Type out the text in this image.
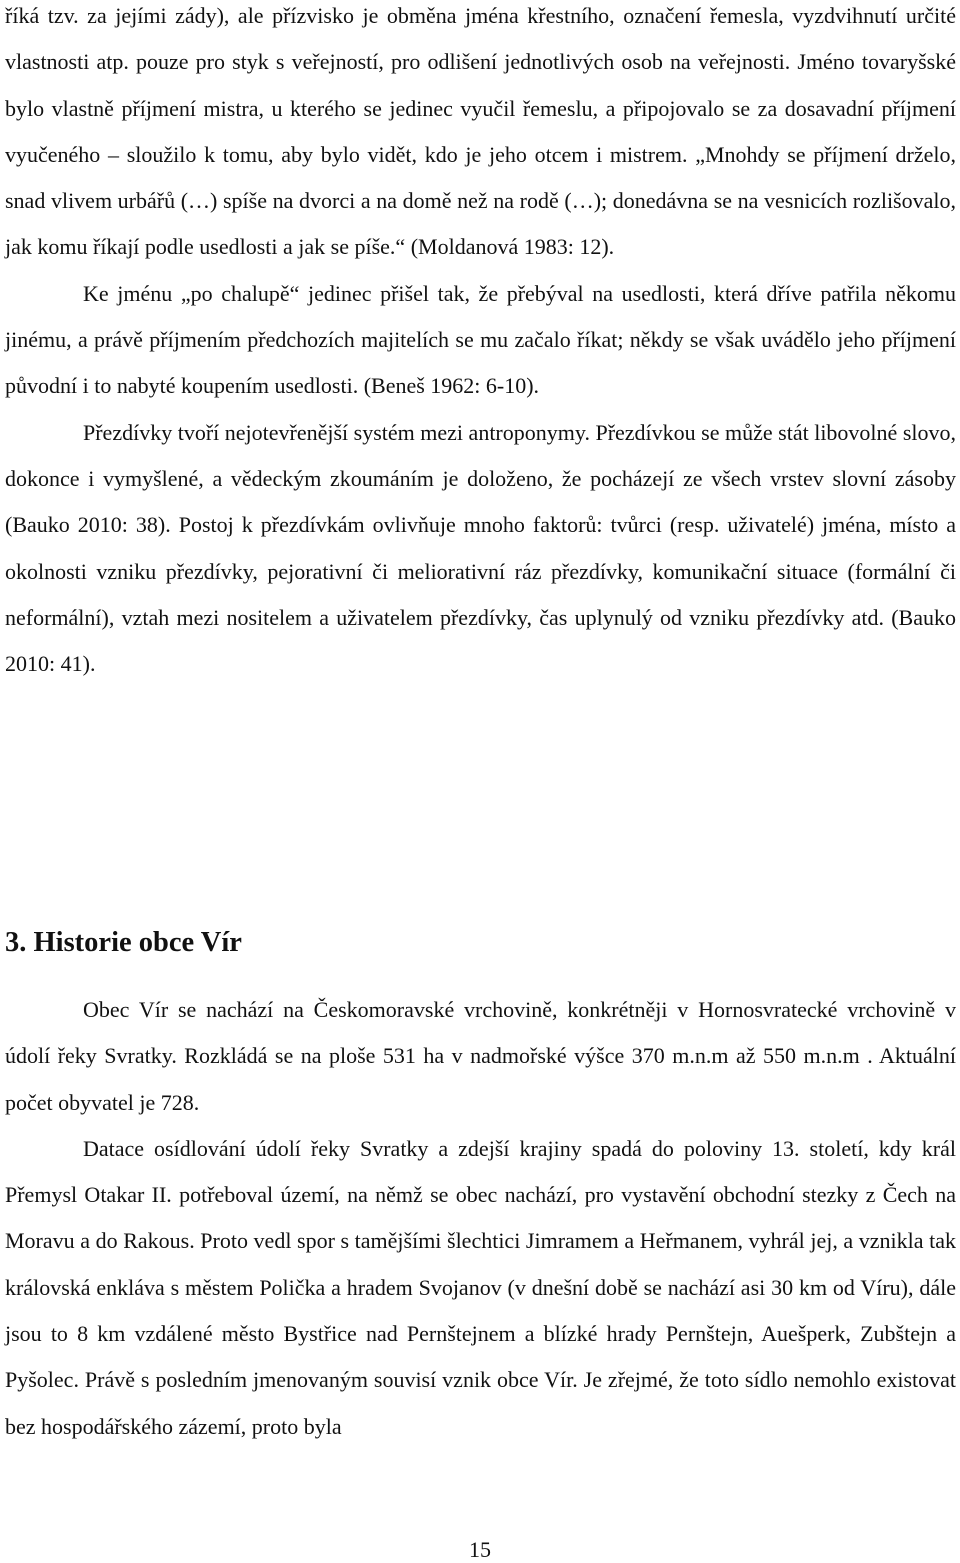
říká tzv. za jejími zády), ale přízvisko je obměna jména křestního, označení řemesla, vyzdvihnutí určité vlastnosti atp. pouze pro styk s veřejností, pro odlišení jednotlivých osob na veřejnosti. Jméno tovaryšské bylo vlastně příjmení mistra, u kterého se jedinec vyučil řemeslu, a připojovalo se za dosavadní příjmení vyučeného – sloužilo k tomu, aby bylo vidět, kdo je jeho otcem i mistrem. „Mnohdy se příjmení drželo, snad vlivem urbářů (…) spíše na dvorci a na domě než na rodě (…); donedávna se na vesnicích rozlišovalo, jak komu říkají podle usedlosti a jak se píše.“ (Moldanová 1983: 12).

Ke jménu „po chalupě“ jedinec přišel tak, že přebýval na usedlosti, která dříve patřila někomu jinému, a právě příjmením předchozích majitelích se mu začalo říkat; někdy se však uvádělo jeho příjmení původní i to nabyté koupením usedlosti. (Beneš 1962: 6-10).

Přezdívky tvoří nejotevřenější systém mezi antroponymy. Přezdívkou se může stát libovolné slovo, dokonce i vymyšlené, a vědeckým zkoumáním je doloženo, že pocházejí ze všech vrstev slovní zásoby (Bauko 2010: 38). Postoj k přezdívkám ovlivňuje mnoho faktorů: tvůrci (resp. uživatelé) jména, místo a okolnosti vzniku přezdívky, pejorativní či meliorativní ráz přezdívky, komunikační situace (formální či neformální), vztah mezi nositelem a uživatelem přezdívky, čas uplynulý od vzniku přezdívky atd. (Bauko 2010: 41).

3. Historie obce Vír

Obec Vír se nachází na Českomoravské vrchovině, konkrétněji v Hornosvratecké vrchovině v údolí řeky Svratky. Rozkládá se na ploše 531 ha v nadmořské výšce 370 m.n.m až 550 m.n.m . Aktuální počet obyvatel je 728.

Datace osídlování údolí řeky Svratky a zdejší krajiny spadá do poloviny 13. století, kdy král Přemysl Otakar II. potřeboval území, na němž se obec nachází, pro vystavění obchodní stezky z Čech na Moravu a do Rakous. Proto vedl spor s tamějšími šlechtici Jimramem a Heřmanem, vyhrál jej, a vznikla tak královská enkláva s městem Polička a hradem Svojanov (v dnešní době se nachází asi 30 km od Víru), dále jsou to 8 km vzdálené město Bystřice nad Pernštejnem a blízké hrady Pernštejn, Auešperk, Zubštejn a Pyšolec. Právě s posledním jmenovaným souvisí vznik obce Vír. Je zřejmé, že toto sídlo nemohlo existovat bez hospodářského zázemí, proto byla

15
